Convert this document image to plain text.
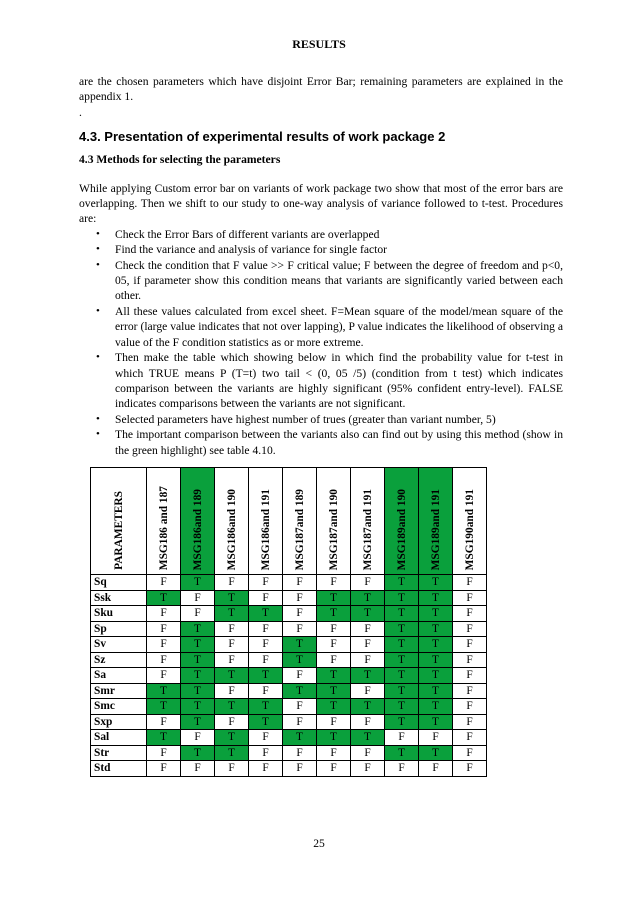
RESULTS

are the chosen parameters which have disjoint Error Bar; remaining parameters are explained in the appendix 1.

.

4.3. Presentation of experimental results of work package 2
4.3 Methods for selecting the parameters

While applying Custom error bar on variants of work package two show that most of the error bars are overlapping. Then we shift to our study to one-way analysis of variance followed to t-test. Procedures are:

• Check the Error Bars of different variants are overlapped
• Find the variance and analysis of variance for single factor
• Check the condition that F value >> F critical value; F between the degree of freedom and p<0, 05, if parameter show this condition means that variants are significantly varied between each other.
• All these values calculated from excel sheet. F=Mean square of the model/mean square of the error (large value indicates that not over lapping), P value indicates the likelihood of observing a value of the F condition statistics as or more extreme.
• Then make the table which showing below in which find the probability value for t-test in which TRUE means P (T=t) two tail < (0, 05 /5) (condition from t test) which indicates comparison between the variants are highly significant (95% confident entry-level). FALSE indicates comparisons between the variants are not significant.
• Selected parameters have highest number of trues (greater than variant number, 5)
• The important comparison between the variants also can find out by using this method (show in the green highlight) see table 4.10.
PARAMETERS	MSG186 and 187	MSG186and 189	MSG186and 190	MSG186and 191	MSG187and 189	MSG187and 190	MSG187and 191	MSG189and 190	MSG189and 191	MSG190and 191

Sq	F	T	F	F	F	F	F	T	T	F
Ssk	T	F	T	F	F	T	T	T	T	F
Sku	F	F	T	T	F	T	T	T	T	F
Sp	F	T	F	F	F	F	F	T	T	F
Sv	F	T	F	F	T	F	F	T	T	F
Sz	F	T	F	F	T	F	F	T	T	F
Sa	F	T	T	T	F	T	T	T	T	F
Smr	T	T	F	F	T	T	F	T	T	F
Smc	T	T	T	T	F	T	T	T	T	F
Sxp	F	T	F	T	F	F	F	T	T	F
Sal	T	F	T	F	T	T	T	F	F	F
Str	F	T	T	F	F	F	F	T	T	F
Std	F	F	F	F	F	F	F	F	F	F
25
